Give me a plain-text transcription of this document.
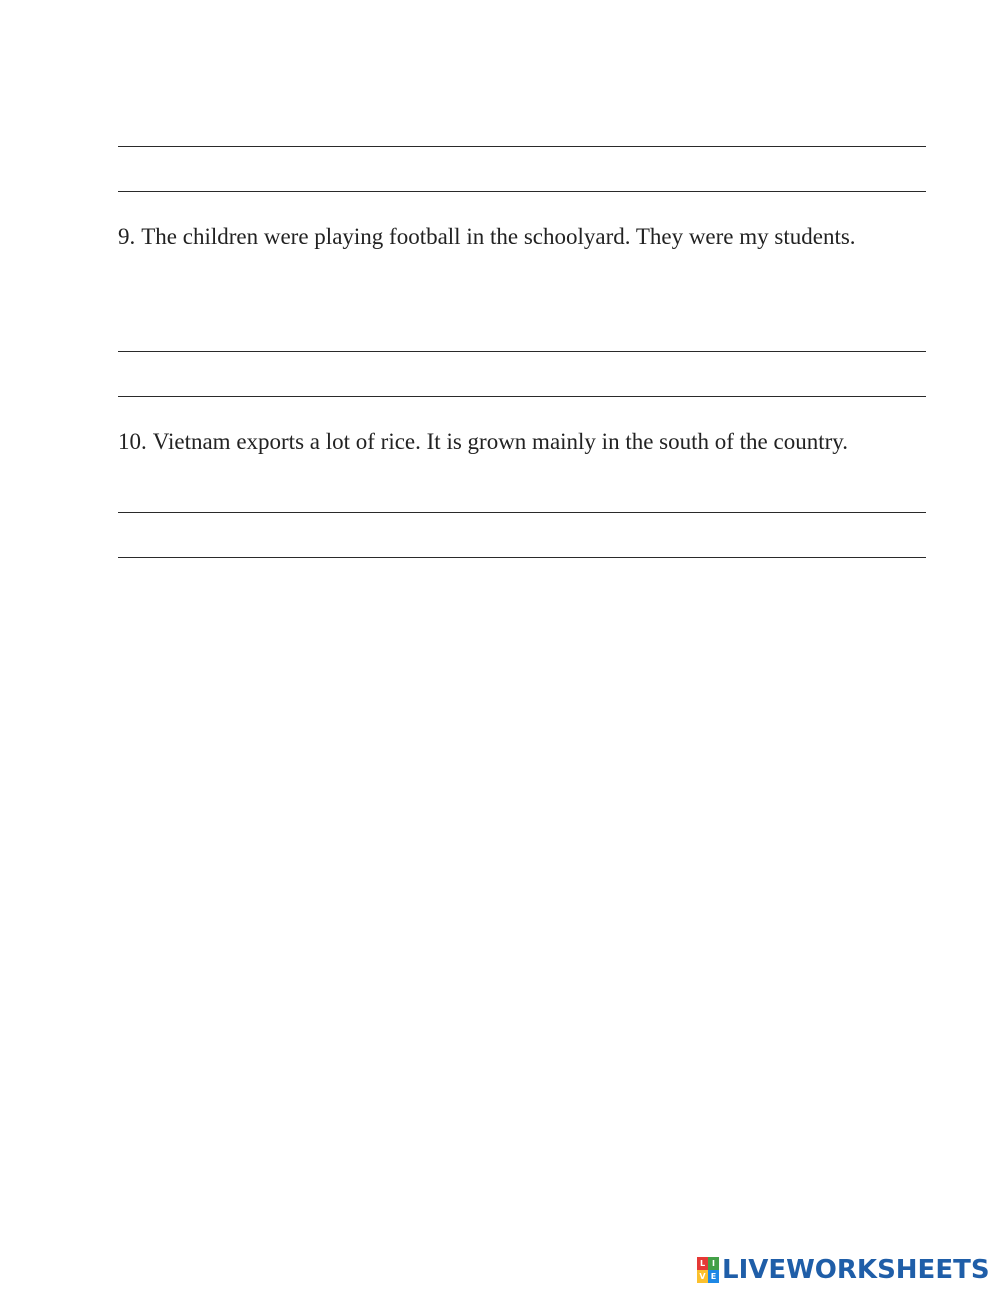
9. The children were playing football in the schoolyard. They were my students.

10. Vietnam exports a lot of rice. It is grown mainly in the south of the country.

L I
V E LIVEWORKSHEETS
